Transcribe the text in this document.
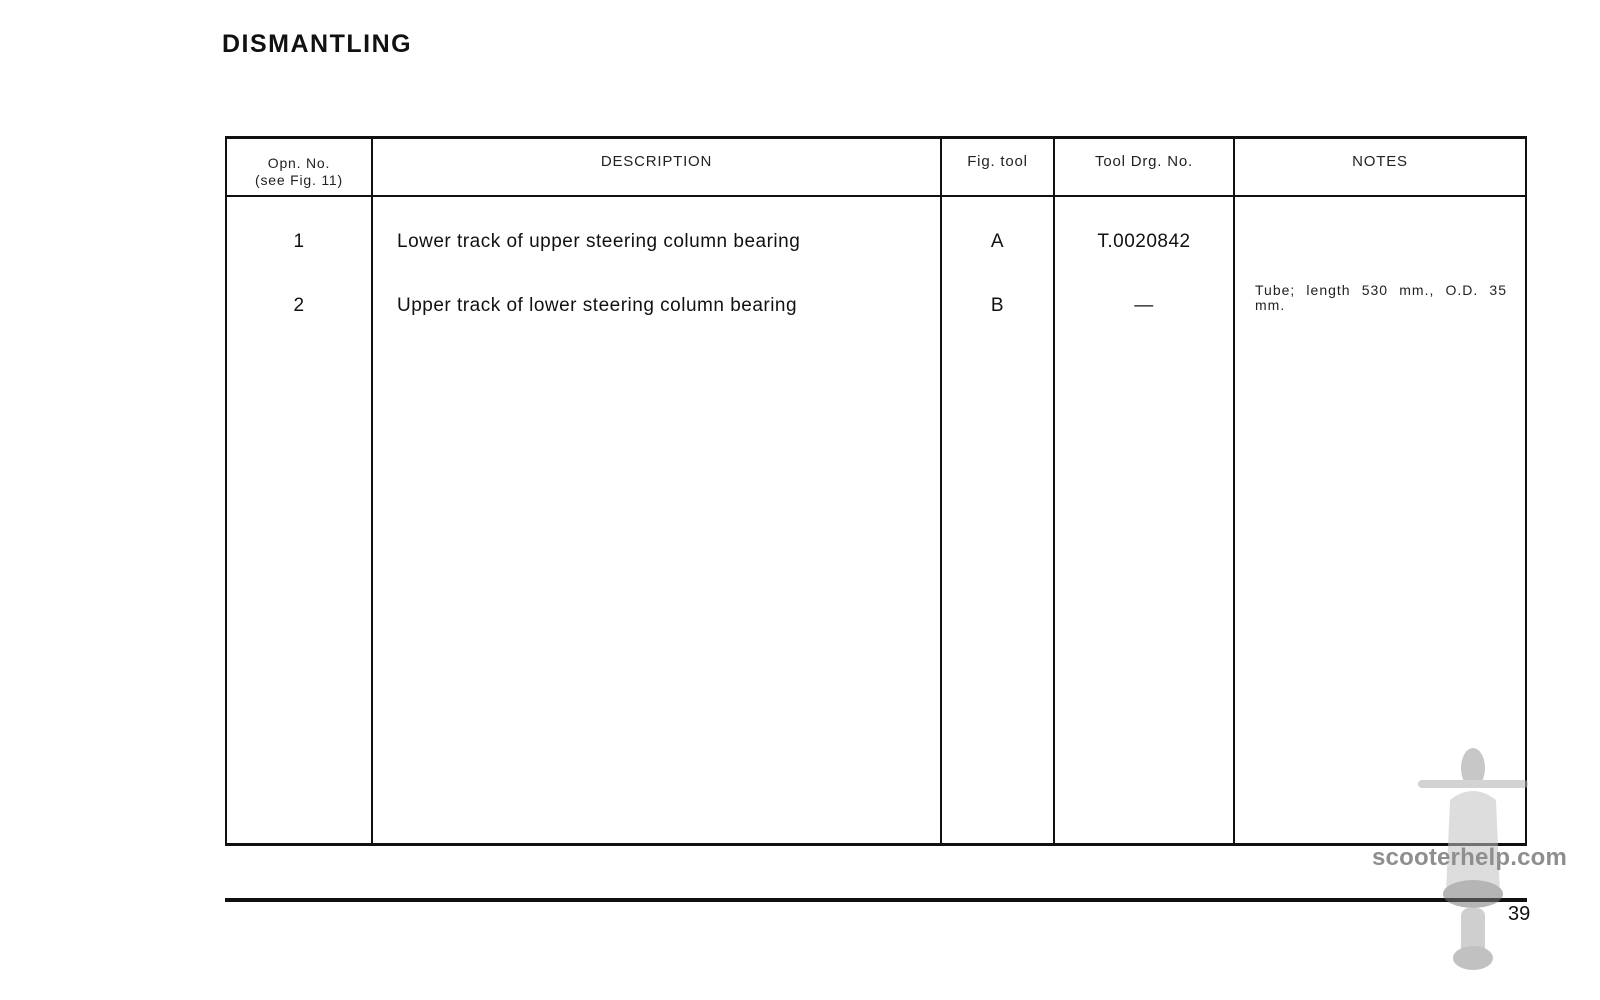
DISMANTLING
Opn. No.
(see Fig. 11)
1
2
DESCRIPTION
Lower track of upper steering column bearing
Upper track of lower steering column bearing
Fig. tool
A
B
Tool Drg. No.
T.0020842
—
NOTES
Tube; length 530 mm., O.D. 35 mm.
scooterhelp.com
39
